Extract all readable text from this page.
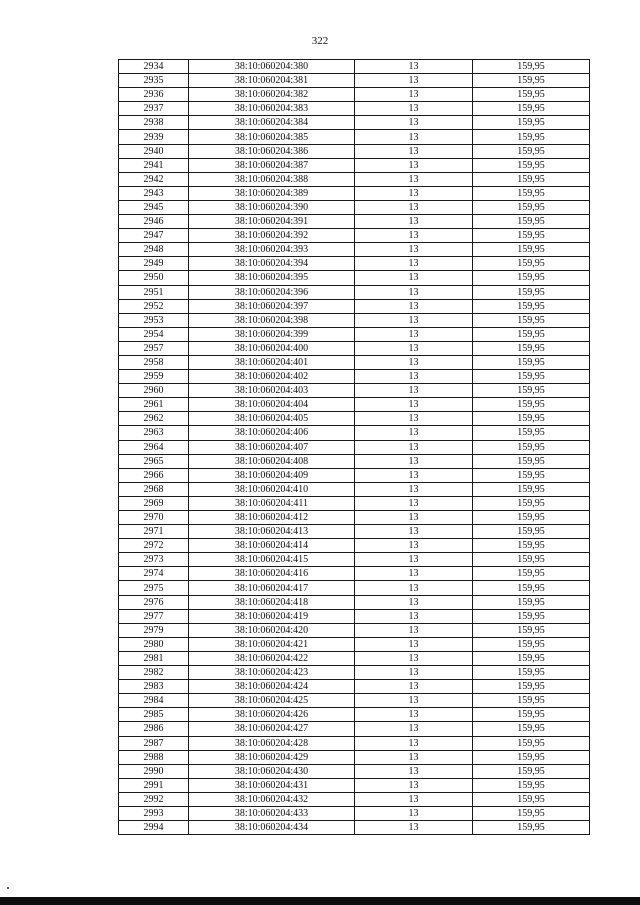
322
2934	38:10:060204:380	13	159,95
2935	38:10:060204:381	13	159,95
2936	38:10:060204:382	13	159,95
2937	38:10:060204:383	13	159,95
2938	38:10:060204:384	13	159,95
2939	38:10:060204:385	13	159,95
2940	38:10:060204:386	13	159,95
2941	38:10:060204:387	13	159,95
2942	38:10:060204:388	13	159,95
2943	38:10:060204:389	13	159,95
2945	38:10:060204:390	13	159,95
2946	38:10:060204:391	13	159,95
2947	38:10:060204:392	13	159,95
2948	38:10:060204:393	13	159,95
2949	38:10:060204:394	13	159,95
2950	38:10:060204:395	13	159,95
2951	38:10:060204:396	13	159,95
2952	38:10:060204:397	13	159,95
2953	38:10:060204:398	13	159,95
2954	38:10:060204:399	13	159,95
2957	38:10:060204:400	13	159,95
2958	38:10:060204:401	13	159,95
2959	38:10:060204:402	13	159,95
2960	38:10:060204:403	13	159,95
2961	38:10:060204:404	13	159,95
2962	38:10:060204:405	13	159,95
2963	38:10:060204:406	13	159,95
2964	38:10:060204:407	13	159,95
2965	38:10:060204:408	13	159,95
2966	38:10:060204:409	13	159,95
2968	38:10:060204:410	13	159,95
2969	38:10:060204:411	13	159,95
2970	38:10:060204:412	13	159,95
2971	38:10:060204:413	13	159,95
2972	38:10:060204:414	13	159,95
2973	38:10:060204:415	13	159,95
2974	38:10:060204:416	13	159,95
2975	38:10:060204:417	13	159,95
2976	38:10:060204:418	13	159,95
2977	38:10:060204:419	13	159,95
2979	38:10:060204:420	13	159,95
2980	38:10:060204:421	13	159,95
2981	38:10:060204:422	13	159,95
2982	38:10:060204:423	13	159,95
2983	38:10:060204:424	13	159,95
2984	38:10:060204:425	13	159,95
2985	38:10:060204:426	13	159,95
2986	38:10:060204:427	13	159,95
2987	38:10:060204:428	13	159,95
2988	38:10:060204:429	13	159,95
2990	38:10:060204:430	13	159,95
2991	38:10:060204:431	13	159,95
2992	38:10:060204:432	13	159,95
2993	38:10:060204:433	13	159,95
2994	38:10:060204:434	13	159,95
